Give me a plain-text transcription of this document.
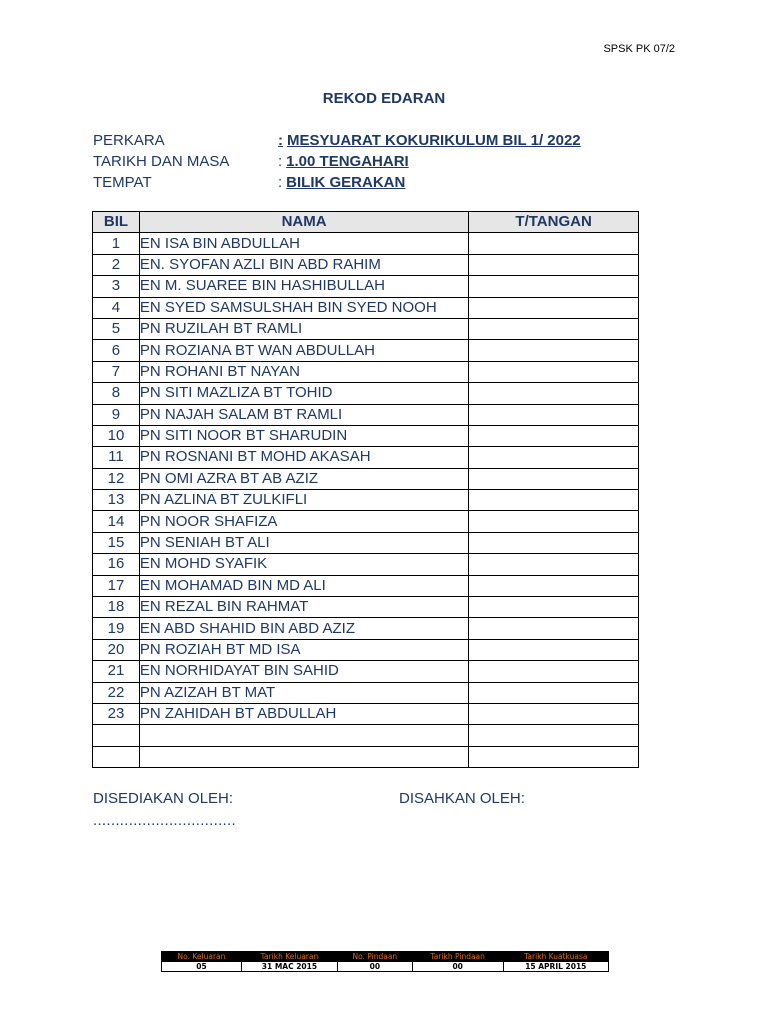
SPSK PK 07/2
REKOD EDARAN
PERKARA	: MESYUARAT KOKURIKULUM BIL 1/ 2022
TARIKH DAN MASA	: 1.00 TENGAHARI
TEMPAT	: BILIK GERAKAN
BIL	NAMA	T/TANGAN
1	EN ISA BIN ABDULLAH	
2	EN. SYOFAN AZLI BIN ABD RAHIM	
3	EN M. SUAREE BIN HASHIBULLAH	
4	EN SYED SAMSULSHAH BIN SYED NOOH	
5	PN RUZILAH BT RAMLI	
6	PN ROZIANA BT WAN ABDULLAH	
7	PN ROHANI BT NAYAN	
8	PN SITI MAZLIZA BT TOHID	
9	PN NAJAH SALAM BT RAMLI	
10	PN SITI NOOR BT SHARUDIN	
11	PN ROSNANI BT MOHD AKASAH	
12	PN OMI AZRA BT AB AZIZ	
13	PN AZLINA BT ZULKIFLI	
14	PN NOOR SHAFIZA	
15	PN SENIAH BT ALI	
16	EN MOHD SYAFIK	
17	EN MOHAMAD BIN MD ALI	
18	EN REZAL BIN RAHMAT	
19	EN ABD SHAHID BIN ABD AZIZ	
20	PN ROZIAH BT MD ISA	
21	EN NORHIDAYAT BIN SAHID	
22	PN AZIZAH BT MAT	
23	PN ZAHIDAH BT ABDULLAH	

DISEDIAKAN OLEH:	DISAHKAN OLEH:
................................
No. Keluaran	Tarikh Keluaran	No. Pindaan	Tarikh Pindaan	Tarikh Kuatkuasa
05	31 MAC 2015	00	00	15 APRIL 2015
